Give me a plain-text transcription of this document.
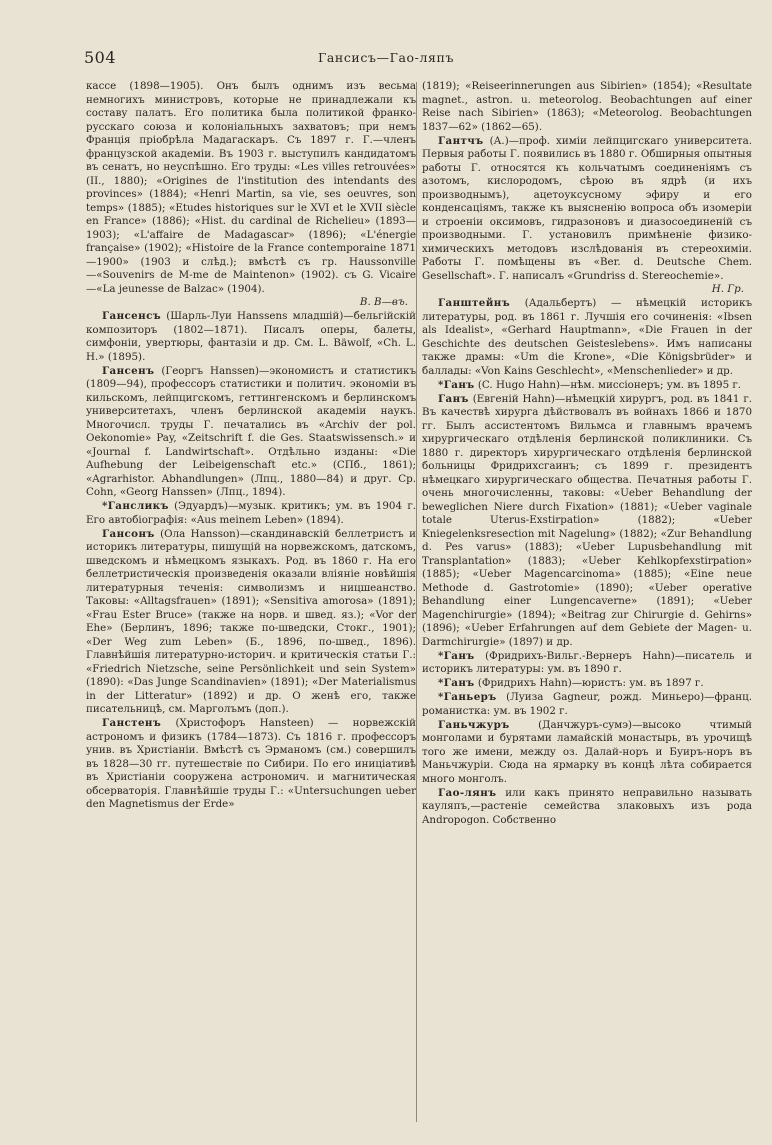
504	Гансисъ—Гао-ляпъ

кассе (1898—1905). Онъ былъ однимъ изъ весьма немногихъ министровъ, которые не принадлежали къ составу палатъ. Его политика была политикой франко-русскаго союза и колоніальныхъ захватовъ; при немъ Франція пріобрѣла Мадагаскаръ. Съ 1897 г. Г.—членъ французской академіи. Въ 1903 г. выступилъ кандидатомъ въ сенатъ, но неуспѣшно. Его труды: «Les villes retrouvées» (II., 1880); «Origines de l'institution des intendants des provinces» (1884); «Henri Martin, sa vie, ses oeuvres, son temps» (1885); «Etudes historiques sur le XVI et le XVII siècle en France» (1886); «Hist. du cardinal de Richelieu» (1893—1903); «L'affaire de Madagascar» (1896); «L'énergie française» (1902); «Histoire de la France contemporaine 1871—1900» (1903 и слѣд.); вмѣстѣ съ гр. Haussonville—«Souvenirs de M-me de Maintenon» (1902). съ G. Vicaire—«La jeunesse de Balzac» (1904).
В. В—въ.

Гансенсъ (Шарль-Луи Hanssens младшій)—бельгійскій композиторъ (1802—1871). Писалъ оперы, балеты, симфоніи, увертюры, фантазіи и др. См. L. Bäwolf, «Ch. L. H.» (1895).

Гансенъ (Георгъ Hanssen)—экономистъ и статистикъ (1809—94), профессоръ статистики и политич. экономіи въ кильскомъ, лейпцигскомъ, геттингенскомъ и берлинскомъ университетахъ, членъ берлинской академіи наукъ. Многочисл. труды Г. печатались въ «Archiv der pol. Oekonomie» Pay, «Zeitschrift f. die Ges. Staatswissensch.» и «Journal f. Landwirtschaft». Отдѣльно изданы: «Die Aufhebung der Leibeigenschaft etc.» (СПб., 1861); «Agrarhistor. Abhandlungen» (Лпц., 1880—84) и друг. Ср. Cohn, «Georg Hanssen» (Лпц., 1894).

*Гансликъ (Эдуардъ)—музык. критикъ; ум. въ 1904 г. Его автобіографія: «Aus meinem Leben» (1894).

Гансонъ (Ола Hansson)—скандинавскій беллетристъ и историкъ литературы, пишущій на норвежскомъ, датскомъ, шведскомъ и нѣмецкомъ языкахъ. Род. въ 1860 г. На его беллетристическія произведенія оказали вліяніе новѣйшія литературныя теченія: символизмъ и ницшеанство. Таковы: «Alltagsfrauen» (1891); «Sensitiva amorosa» (1891); «Frau Ester Bruce» (также на норв. и швед. яз.); «Vor der Ehe» (Берлинъ, 1896; также по-шведски, Стокг., 1901); «Der Weg zum Leben» (Б., 1896, по-швед., 1896). Главнѣйшія литературно-историч. и критическія статьи Г.: «Friedrich Nietzsche, seine Persönlichkeit und sein System» (1890): «Das Junge Scandinavien» (1891); «Der Materialismus in der Litteratur» (1892) и др. О женѣ его, также писательницѣ, см. Марголъмъ (доп.).

Ганстенъ (Христофоръ Hansteen) — норвежскій астрономъ и физикъ (1784—1873). Съ 1816 г. профессоръ унив. въ Христіаніи. Вмѣстѣ съ Эрманомъ (см.) совершилъ въ 1828—30 гг. путешествіе по Сибири. По его иниціативѣ въ Христіаніи сооружена астрономич. и магнитическая обсерваторія. Главнѣйшіе труды Г.: «Untersuchungen ueber den Magnetismus der Erde»

(1819); «Reiseerinnerungen aus Sibirien» (1854); «Resultate magnet., astron. u. meteorolog. Beobachtungen auf einer Reise nach Sibirien» (1863); «Meteorolog. Beobachtungen 1837—62» (1862—65).

Гантчъ (А.)—проф. химіи лейпцигскаго университета. Первыя работы Г. появились въ 1880 г. Обширныя опытныя работы Г. относятся къ кольчатымъ соединеніямъ съ азотомъ, кислородомъ, сѣрою въ ядрѣ (и ихъ производнымъ), ацетоуксусному эфиру и его конденсаціямъ, также къ выясненію вопроса объ изомеріи и строеніи оксимовъ, гидразоновъ и диазосоединеній съ производными. Г. установилъ примѣненіе физико-химическихъ методовъ изслѣдованія въ стереохиміи. Работы Г. помѣщены въ «Ber. d. Deutsche Chem. Gesellschaft». Г. написалъ «Grundriss d. Stereochemie».
Н. Гр.

Ганштейнъ (Адальбертъ) — нѣмецкій историкъ литературы, род. въ 1861 г. Лучшія его сочиненія: «Ibsen als Idealist», «Gerhard Hauptmann», «Die Frauen in der Geschichte des deutschen Geisteslebens». Имъ написаны также драмы: «Um die Krone», «Die Königsbrüder» и баллады: «Von Kains Geschlecht», «Menschenlieder» и др.

*Ганъ (C. Hugo Hahn)—нѣм. миссіонеръ; ум. въ 1895 г.

Ганъ (Евгеній Hahn)—нѣмецкій хирургъ, род. въ 1841 г. Въ качествѣ хирурга дѣйствовалъ въ войнахъ 1866 и 1870 гг. Былъ ассистентомъ Вильмса и главнымъ врачемъ хирургическаго отдѣленія берлинской поликлиники. Съ 1880 г. директоръ хирургическаго отдѣленія берлинской больницы Фридрихсгаинъ; съ 1899 г. президентъ нѣмецкаго хирургическаго общества. Печатныя работы Г. очень многочисленны, таковы: «Ueber Behandlung der beweglichen Niere durch Fixation» (1881); «Ueber vaginale totale Uterus-Exstirpation» (1882); «Ueber Kniegelenksresection mit Nagelung» (1882); «Zur Behandlung d. Pes varus» (1883); «Ueber Lupusbehandlung mit Transplantation» (1883); «Ueber Kehlkopfexstirpation» (1885); «Ueber Magencarcinoma» (1885); «Eine neue Methode d. Gastrotomie» (1890); «Ueber operative Behandlung einer Lungencaverne» (1891); «Ueber Magenchirurgie» (1894); «Beitrag zur Chirurgie d. Gehirns» (1896); «Ueber Erfahrungen auf dem Gebiete der Magen- u. Darmchirurgie» (1897) и др.

*Ганъ (Фридрихъ-Вильг.-Вернеръ Hahn)—писатель и историкъ литературы: ум. въ 1890 г.

*Ганъ (Фридрихъ Hahn)—юристъ: ум. въ 1897 г.

*Ганьеръ (Луиза Gagneur, рожд. Миньеро)—франц. романистка: ум. въ 1902 г.

Ганьчжуръ	(Данчжуръ-сумэ)—высоко чтимый монголами и бурятами ламайскій монастырь, въ урочищѣ того же имени, между оз. Далай-норъ и Буиръ-норъ въ Маньчжуріи. Сюда на ярмарку въ концѣ лѣта собирается много монголъ.

Гао-лянъ или какъ принято неправильно называть кауляпъ,—растеніе семейства злаковыхъ изъ рода Andropogon. Собственно
